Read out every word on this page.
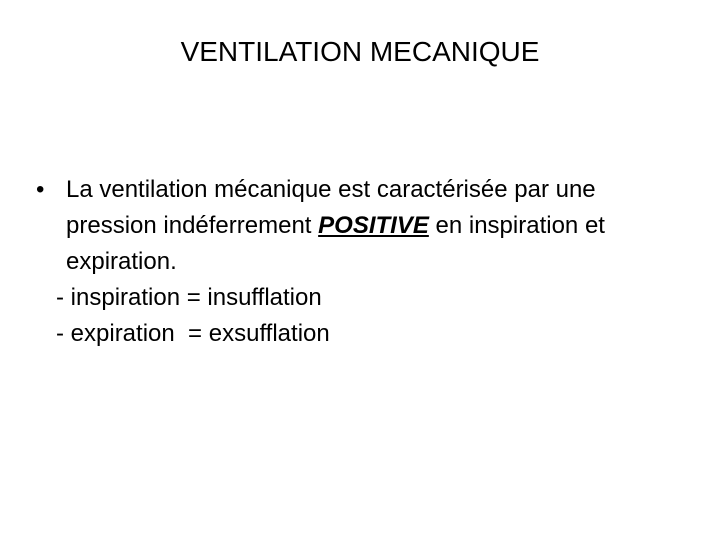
VENTILATION MECANIQUE
• La ventilation mécanique est caractérisée par une pression indéferrement POSITIVE en inspiration et expiration.
- inspiration = insufflation
- expiration  = exsufflation
